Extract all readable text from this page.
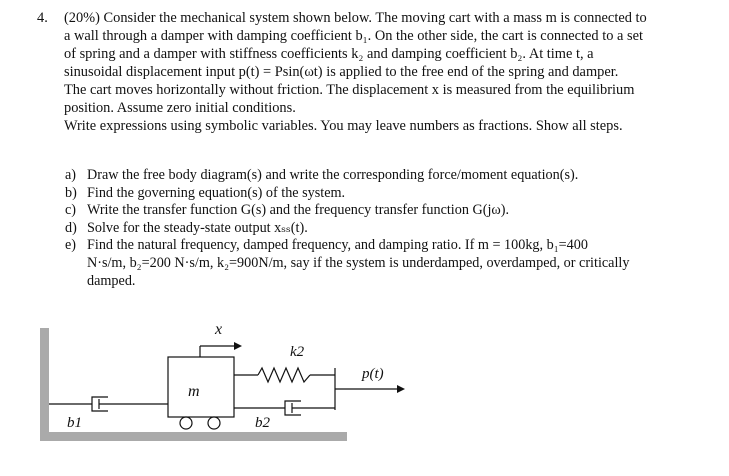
4. (20%) Consider the mechanical system shown below. The moving cart with a mass m is connected to
a wall through a damper with damping coefficient b₁. On the other side, the cart is connected to a set
of spring and a damper with stiffness coefficients k₂ and damping coefficient b₂. At time t, a
sinusoidal displacement input p(t) = Psin(ωt) is applied to the free end of the spring and damper.
The cart moves horizontally without friction. The displacement x is measured from the equilibrium
position. Assume zero initial conditions.
Write expressions using symbolic variables. You may leave numbers as fractions. Show all steps.
a) Draw the free body diagram(s) and write the corresponding force/moment equation(s).
b) Find the governing equation(s) of the system.
c) Write the transfer function G(s) and the frequency transfer function G(jω).
d) Solve for the steady-state output xₛₛ(t).
e) Find the natural frequency, damped frequency, and damping ratio. If m = 100kg, b₁=400
N·s/m, b₂=200 N·s/m, k₂=900N/m, say if the system is underdamped, overdamped, or critically
damped.
m
x
b1
k2
b2
p(t)
